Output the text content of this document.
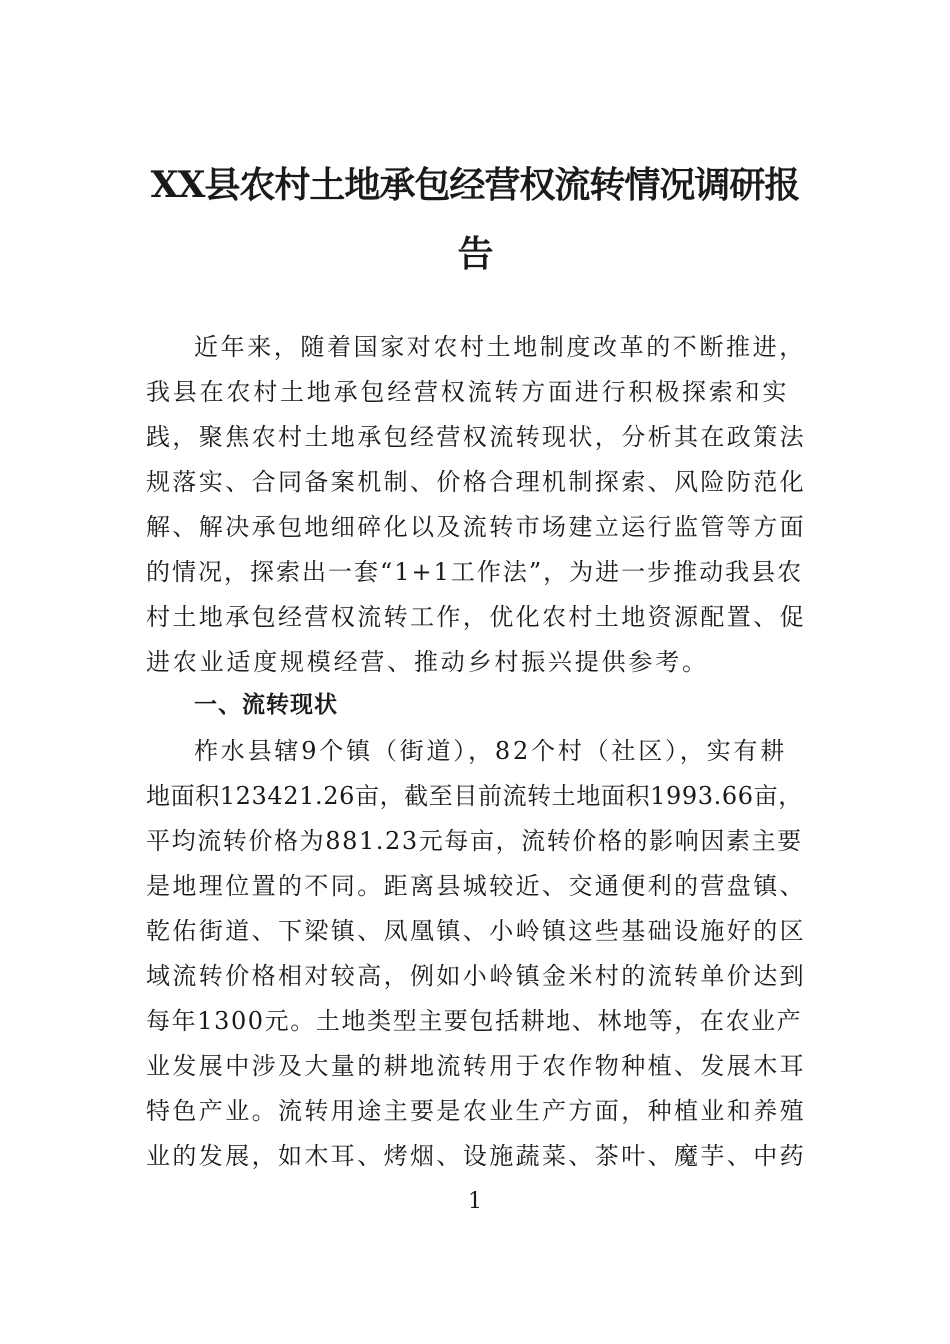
XX县农村土地承包经营权流转情况调研报
告
近年来，随着国家对农村土地制度改革的不断推进，
我县在农村土地承包经营权流转方面进行积极探索和实
践，聚焦农村土地承包经营权流转现状，分析其在政策法
规落实、合同备案机制、价格合理机制探索、风险防范化
解、解决承包地细碎化以及流转市场建立运行监管等方面
的情况，探索出一套“1+1工作法”，为进一步推动我县农
村土地承包经营权流转工作，优化农村土地资源配置、促
进农业适度规模经营、推动乡村振兴提供参考。
一、流转现状
柞水县辖9个镇（街道），82个村（社区），实有耕
地面积123421.26亩，截至目前流转土地面积1993.66亩，
平均流转价格为881.23元每亩，流转价格的影响因素主要
是地理位置的不同。距离县城较近、交通便利的营盘镇、
乾佑街道、下梁镇、凤凰镇、小岭镇这些基础设施好的区
域流转价格相对较高，例如小岭镇金米村的流转单价达到
每年1300元。土地类型主要包括耕地、林地等，在农业产
业发展中涉及大量的耕地流转用于农作物种植、发展木耳
特色产业。流转用途主要是农业生产方面，种植业和养殖
业的发展，如木耳、烤烟、设施蔬菜、茶叶、魔芋、中药
1
